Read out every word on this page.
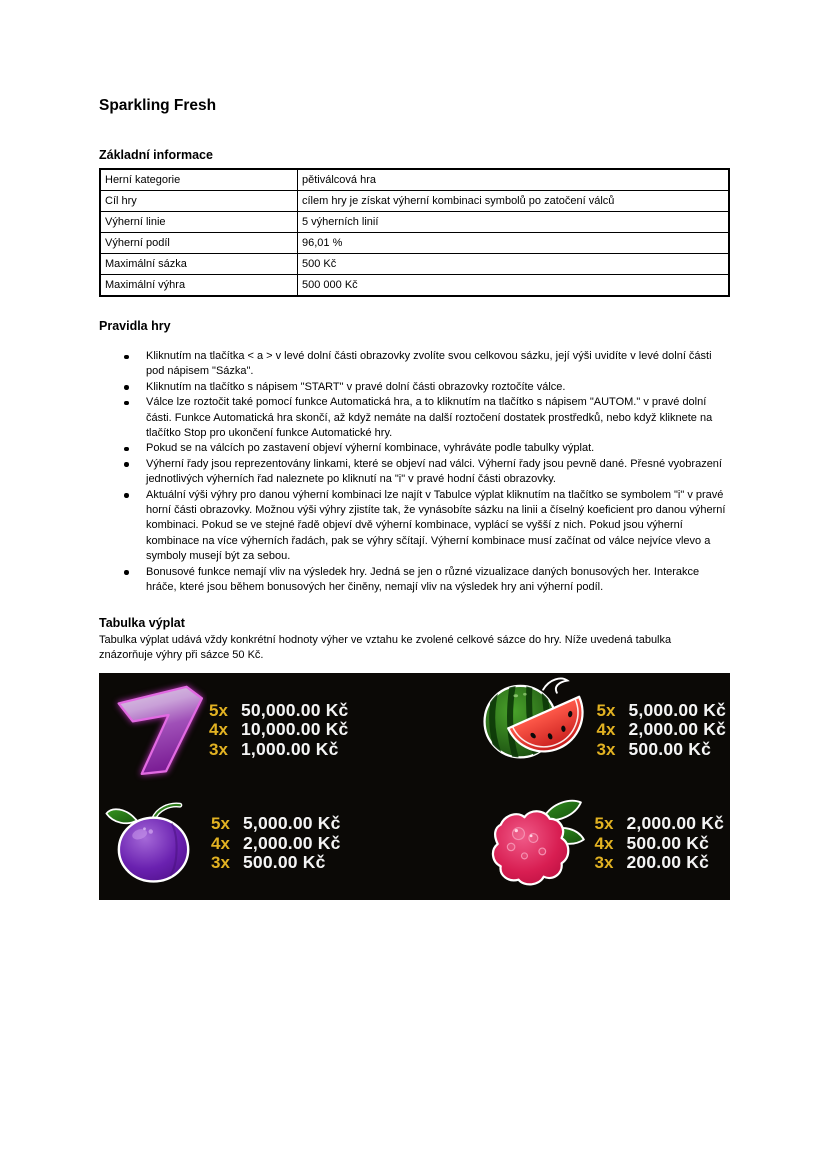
Sparkling Fresh
Základní informace
Herní kategorie	pětiválcová hra
Cíl hry	cílem hry je získat výherní kombinaci symbolů po zatočení válců
Výherní linie	5 výherních linií
Výherní podíl	96,01 %
Maximální sázka	500 Kč
Maximální výhra	500 000 Kč
Pravidla hry
Kliknutím na tlačítka < a > v levé dolní části obrazovky zvolíte svou celkovou sázku, její výši uvidíte v levé dolní části pod nápisem "Sázka".
Kliknutím na tlačítko s nápisem "START" v pravé dolní části obrazovky roztočíte válce.
Válce lze roztočit také pomocí funkce Automatická hra, a to kliknutím na tlačítko s nápisem "AUTOM." v pravé dolní části. Funkce Automatická hra skončí, až když nemáte na další roztočení dostatek prostředků, nebo když kliknete na tlačítko Stop pro ukončení funkce Automatické hry.
Pokud se na válcích po zastavení objeví výherní kombinace, vyhráváte podle tabulky výplat.
Výherní řady jsou reprezentovány linkami, které se objeví nad válci. Výherní řady jsou pevně dané. Přesné vyobrazení jednotlivých výherních řad naleznete po kliknutí na "i" v pravé hodní části obrazovky.
Aktuální výši výhry pro danou výherní kombinaci lze najít v Tabulce výplat kliknutím na tlačítko se symbolem "i" v pravé horní části obrazovky. Možnou výši výhry zjistíte tak, že vynásobíte sázku na linii a číselný koeficient pro danou výherní kombinaci. Pokud se ve stejné řadě objeví dvě výherní kombinace, vyplácí se vyšší z nich. Pokud jsou výherní kombinace na více výherních řadách, pak se výhry sčítají. Výherní kombinace musí začínat od válce nejvíce vlevo a symboly musejí být za sebou.
Bonusové funkce nemají vliv na výsledek hry. Jedná se jen o různé vizualizace daných bonusových her. Interakce hráče, které jsou během bonusových her činěny, nemají vliv na výsledek hry ani výherní podíl.
Tabulka výplat

Tabulka výplat udává vždy konkrétní hodnoty výher ve vztahu ke zvolené celkové sázce do hry. Níže uvedená tabulka znázorňuje výhry při sázce 50 Kč.

5x 50,000.00 Kč
4x 10,000.00 Kč
3x 1,000.00 Kč
5x 5,000.00 Kč
4x 2,000.00 Kč
3x 500.00 Kč
5x 5,000.00 Kč
4x 2,000.00 Kč
3x 500.00 Kč
5x 2,000.00 Kč
4x 500.00 Kč
3x 200.00 Kč
